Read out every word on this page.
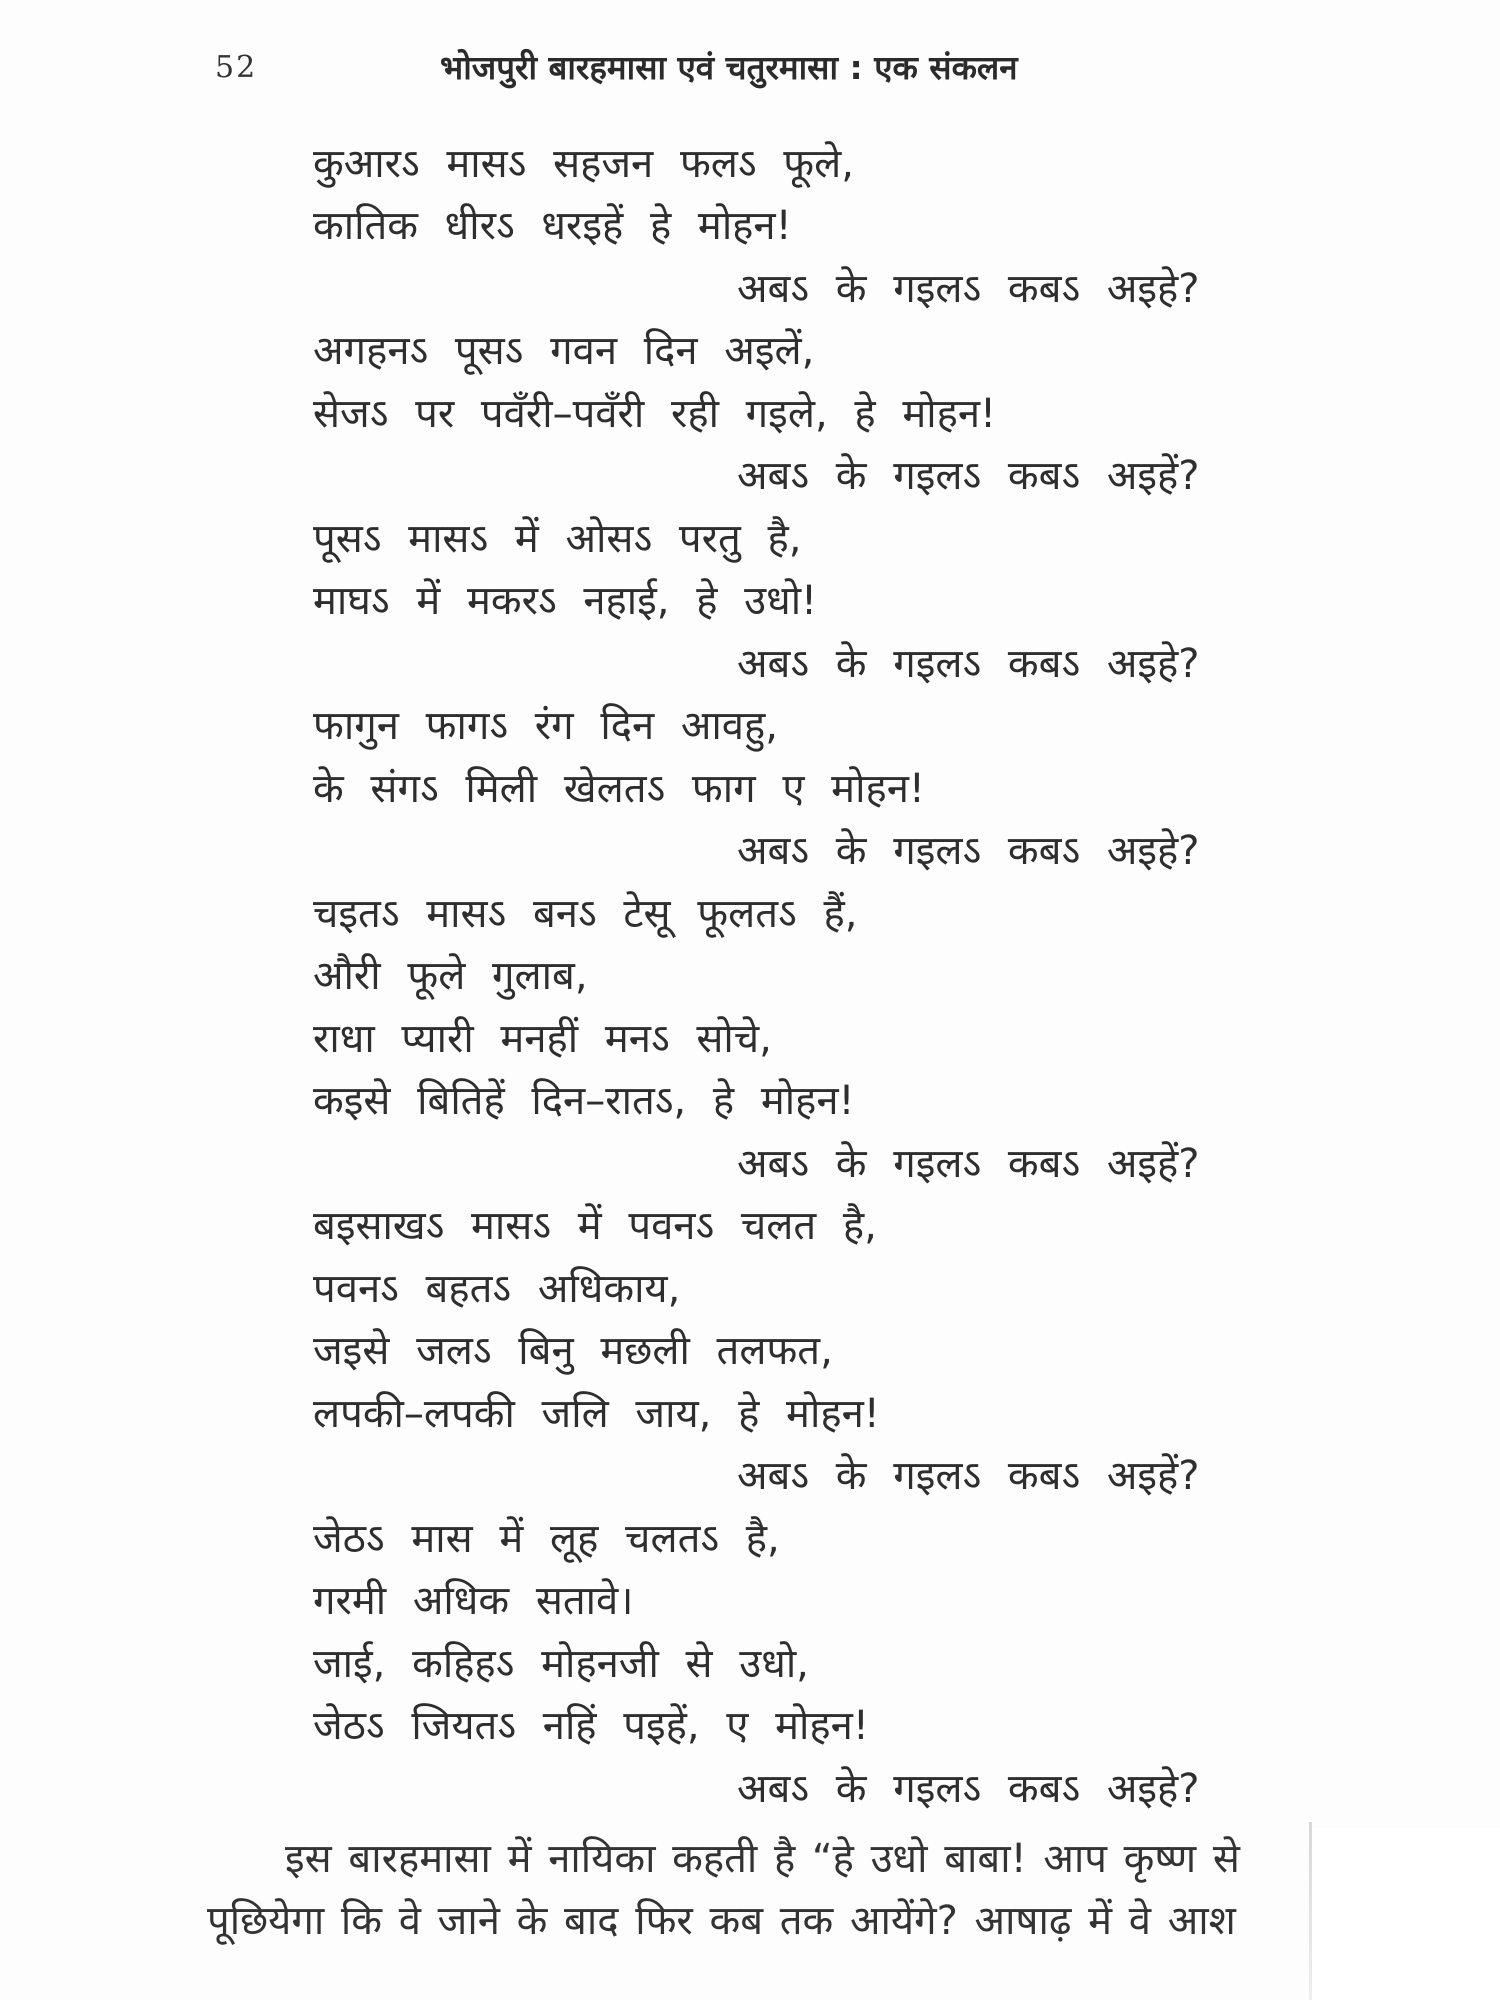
52	भोजपुरी बारहमासा एवं चतुरमासा : एक संकलन
कुआरऽ मासऽ सहजन फलऽ फूले,
कातिक धीरऽ धरइहें हे मोहन!
अबऽ के गइलऽ कबऽ अइहे?
अगहनऽ पूसऽ गवन दिन अइलें,
सेजऽ पर पवँरी–पवँरी रही गइले, हे मोहन!
अबऽ के गइलऽ कबऽ अइहें?
पूसऽ मासऽ में ओसऽ परतु है,
माघऽ में मकरऽ नहाई, हे उधो!
अबऽ के गइलऽ कबऽ अइहे?
फागुन फागऽ रंग दिन आवहु,
के संगऽ मिली खेलतऽ फाग ए मोहन!
अबऽ के गइलऽ कबऽ अइहे?
चइतऽ मासऽ बनऽ टेसू फूलतऽ हैं,
औरी फूले गुलाब,
राधा प्यारी मनहीं मनऽ सोचे,
कइसे बितिहें दिन–रातऽ, हे मोहन!
अबऽ के गइलऽ कबऽ अइहें?
बइसाखऽ मासऽ में पवनऽ चलत है,
पवनऽ बहतऽ अधिकाय,
जइसे जलऽ बिनु मछली तलफत,
लपकी–लपकी जलि जाय, हे मोहन!
अबऽ के गइलऽ कबऽ अइहें?
जेठऽ मास में लूह चलतऽ है,
गरमी अधिक सतावे।
जाई, कहिहऽ मोहनजी से उधो,
जेठऽ जियतऽ नहिं पइहें, ए मोहन!
अबऽ के गइलऽ कबऽ अइहे?
इस बारहमासा में नायिका कहती है “हे उधो बाबा! आप कृष्ण से
पूछियेगा कि वे जाने के बाद फिर कब तक आयेंगे? आषाढ़ में वे आश
